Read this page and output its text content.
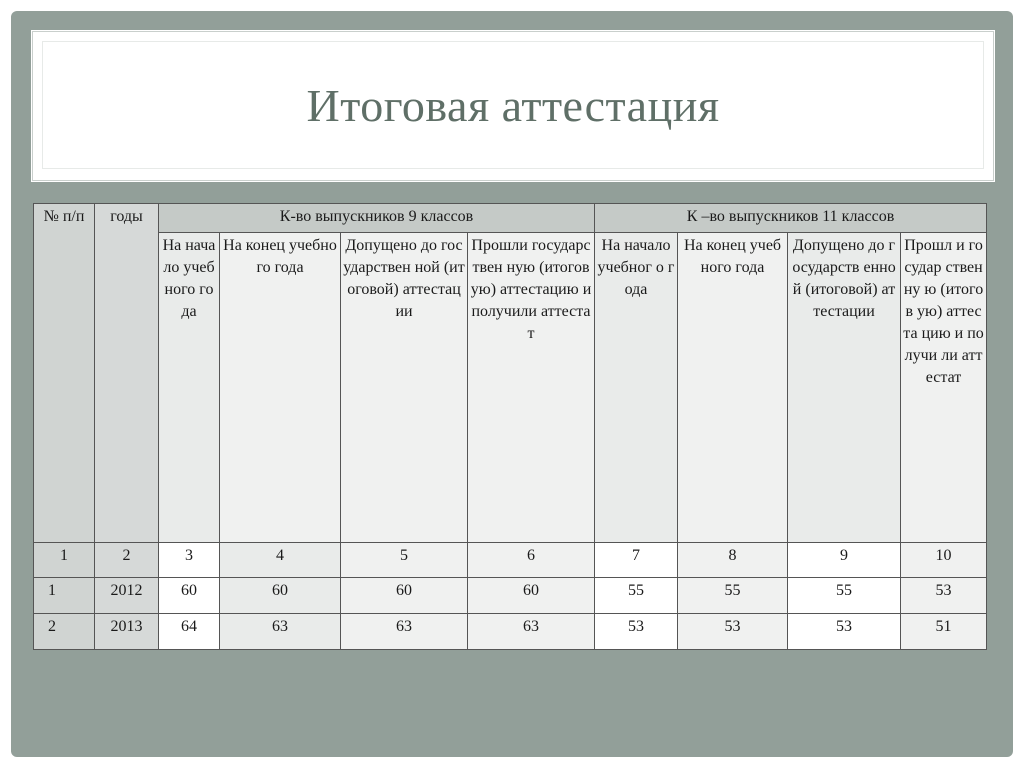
Итоговая аттестация
№ п/п	годы	К-во выпускников 9 классов				К –во выпускников 11 классов			
		На нача ло учеб ного года	На конец учебного года	Допущено до государствен ной (итоговой) аттестации	Прошли государствен ную (итоговую) аттестацию и получили аттестат	На начало учебног о года	На конец учебного года	Допущено до государств енной (итоговой) аттестации	Прошл и государ ственну ю (итогов ую) аттеста цию и получи ли аттестат
1	2	3	4	5	6	7	8	9	10
1	2012	60	60	60	60	55	55	55	53
2	2013	64	63	63	63	53	53	53	51
